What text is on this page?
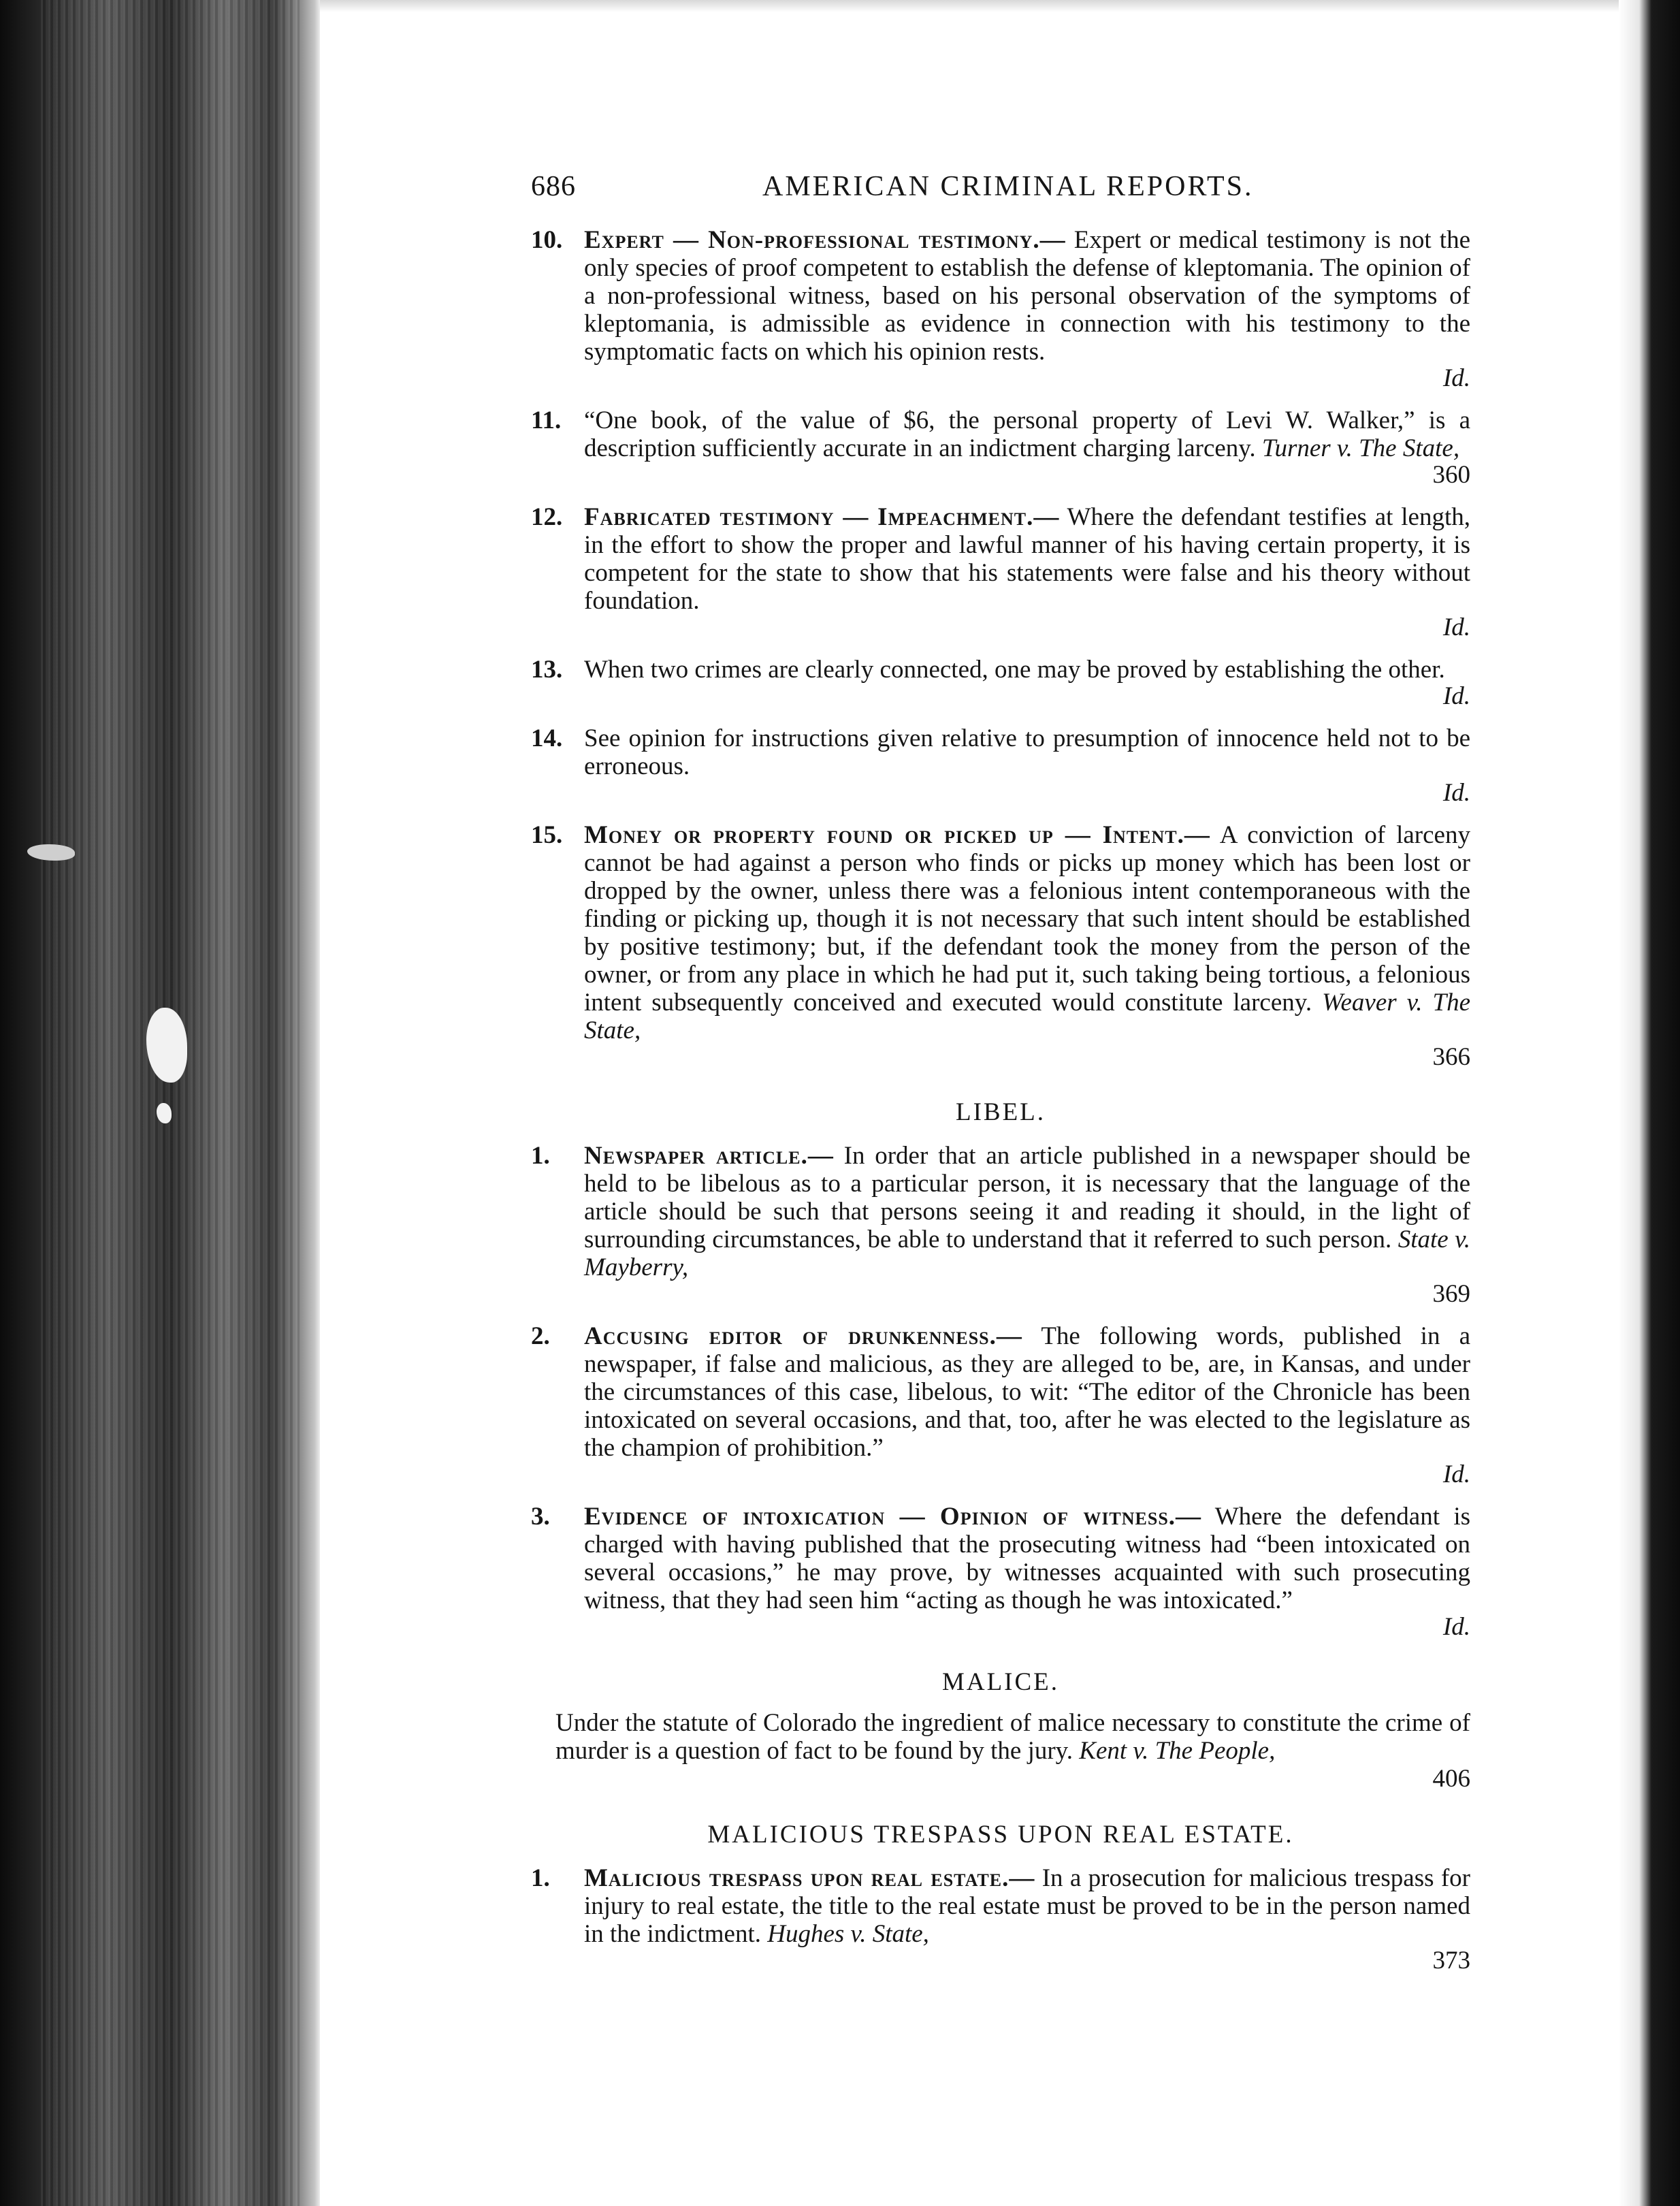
686	AMERICAN CRIMINAL REPORTS.
10. Expert — Non-professional testimony.— Expert or medical testimony is not the only species of proof competent to establish the defense of kleptomania. The opinion of a non-professional witness, based on his personal observation of the symptoms of kleptomania, is admissible as evidence in connection with his testimony to the symptomatic facts on which his opinion rests.
Id.
11. “One book, of the value of $6, the personal property of Levi W. Walker,” is a description sufficiently accurate in an indictment charging larceny. Turner v. The State,
360
12. Fabricated testimony — Impeachment.— Where the defendant testifies at length, in the effort to show the proper and lawful manner of his having certain property, it is competent for the state to show that his statements were false and his theory without foundation.
Id.
13. When two crimes are clearly connected, one may be proved by establishing the other.
Id.
14. See opinion for instructions given relative to presumption of innocence held not to be erroneous.
Id.
15. Money or property found or picked up — Intent.— A conviction of larceny cannot be had against a person who finds or picks up money which has been lost or dropped by the owner, unless there was a felonious intent contemporaneous with the finding or picking up, though it is not necessary that such intent should be established by positive testimony; but, if the defendant took the money from the person of the owner, or from any place in which he had put it, such taking being tortious, a felonious intent subsequently conceived and executed would constitute larceny. Weaver v. The State,
366
LIBEL.
1. Newspaper article.— In order that an article published in a newspaper should be held to be libelous as to a particular person, it is necessary that the language of the article should be such that persons seeing it and reading it should, in the light of surrounding circumstances, be able to understand that it referred to such person. State v. Mayberry,
369
2. Accusing editor of drunkenness.— The following words, published in a newspaper, if false and malicious, as they are alleged to be, are, in Kansas, and under the circumstances of this case, libelous, to wit: “The editor of the Chronicle has been intoxicated on several occasions, and that, too, after he was elected to the legislature as the champion of prohibition.”
Id.
3. Evidence of intoxication — Opinion of witness.— Where the defendant is charged with having published that the prosecuting witness had “been intoxicated on several occasions,” he may prove, by witnesses acquainted with such prosecuting witness, that they had seen him “acting as though he was intoxicated.”
Id.
MALICE.
Under the statute of Colorado the ingredient of malice necessary to constitute the crime of murder is a question of fact to be found by the jury. Kent v. The People,
406
MALICIOUS TRESPASS UPON REAL ESTATE.
1. Malicious trespass upon real estate.— In a prosecution for malicious trespass for injury to real estate, the title to the real estate must be proved to be in the person named in the indictment. Hughes v. State,
373
